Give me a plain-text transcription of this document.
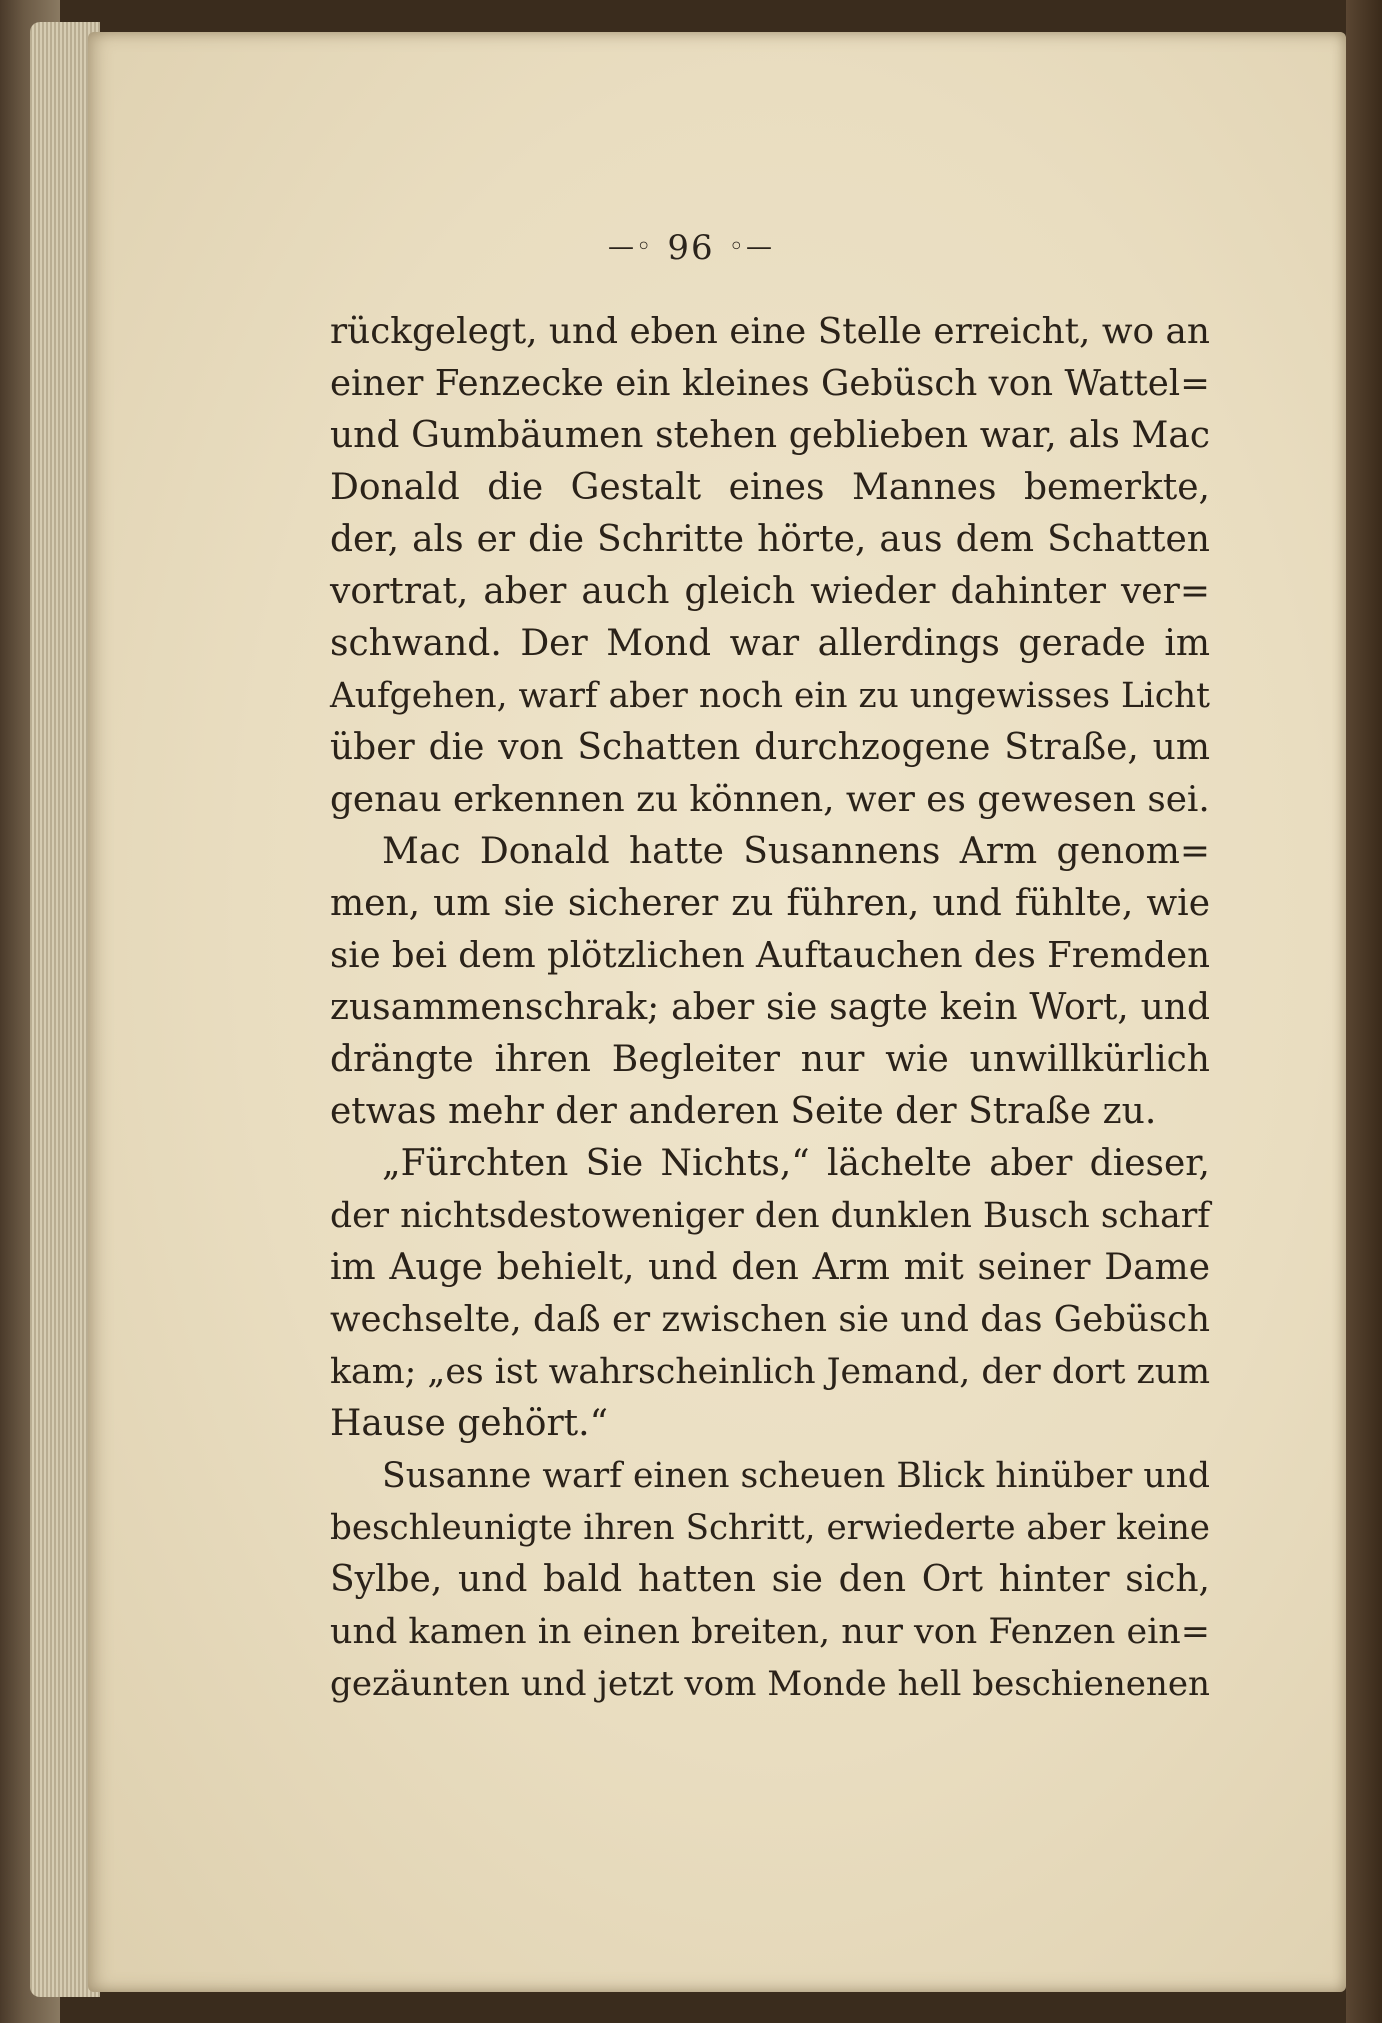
—◦ 96 ◦—
rückgelegt, und eben eine Stelle erreicht, wo an
einer Fenzecke ein kleines Gebüsch von Wattel=
und Gumbäumen stehen geblieben war, als Mac
Donald die Gestalt eines Mannes bemerkte,
der, als er die Schritte hörte, aus dem Schatten
vortrat, aber auch gleich wieder dahinter ver=
schwand. Der Mond war allerdings gerade im
Aufgehen, warf aber noch ein zu ungewisses Licht
über die von Schatten durchzogene Straße, um
genau erkennen zu können, wer es gewesen sei.
Mac Donald hatte Susannens Arm genom=
men, um sie sicherer zu führen, und fühlte, wie
sie bei dem plötzlichen Auftauchen des Fremden
zusammenschrak; aber sie sagte kein Wort, und
drängte ihren Begleiter nur wie unwillkürlich
etwas mehr der anderen Seite der Straße zu.
„Fürchten Sie Nichts,“ lächelte aber dieser,
der nichtsdestoweniger den dunklen Busch scharf
im Auge behielt, und den Arm mit seiner Dame
wechselte, daß er zwischen sie und das Gebüsch
kam; „es ist wahrscheinlich Jemand, der dort zum
Hause gehört.“
Susanne warf einen scheuen Blick hinüber und
beschleunigte ihren Schritt, erwiederte aber keine
Sylbe, und bald hatten sie den Ort hinter sich,
und kamen in einen breiten, nur von Fenzen ein=
gezäunten und jetzt vom Monde hell beschienenen
